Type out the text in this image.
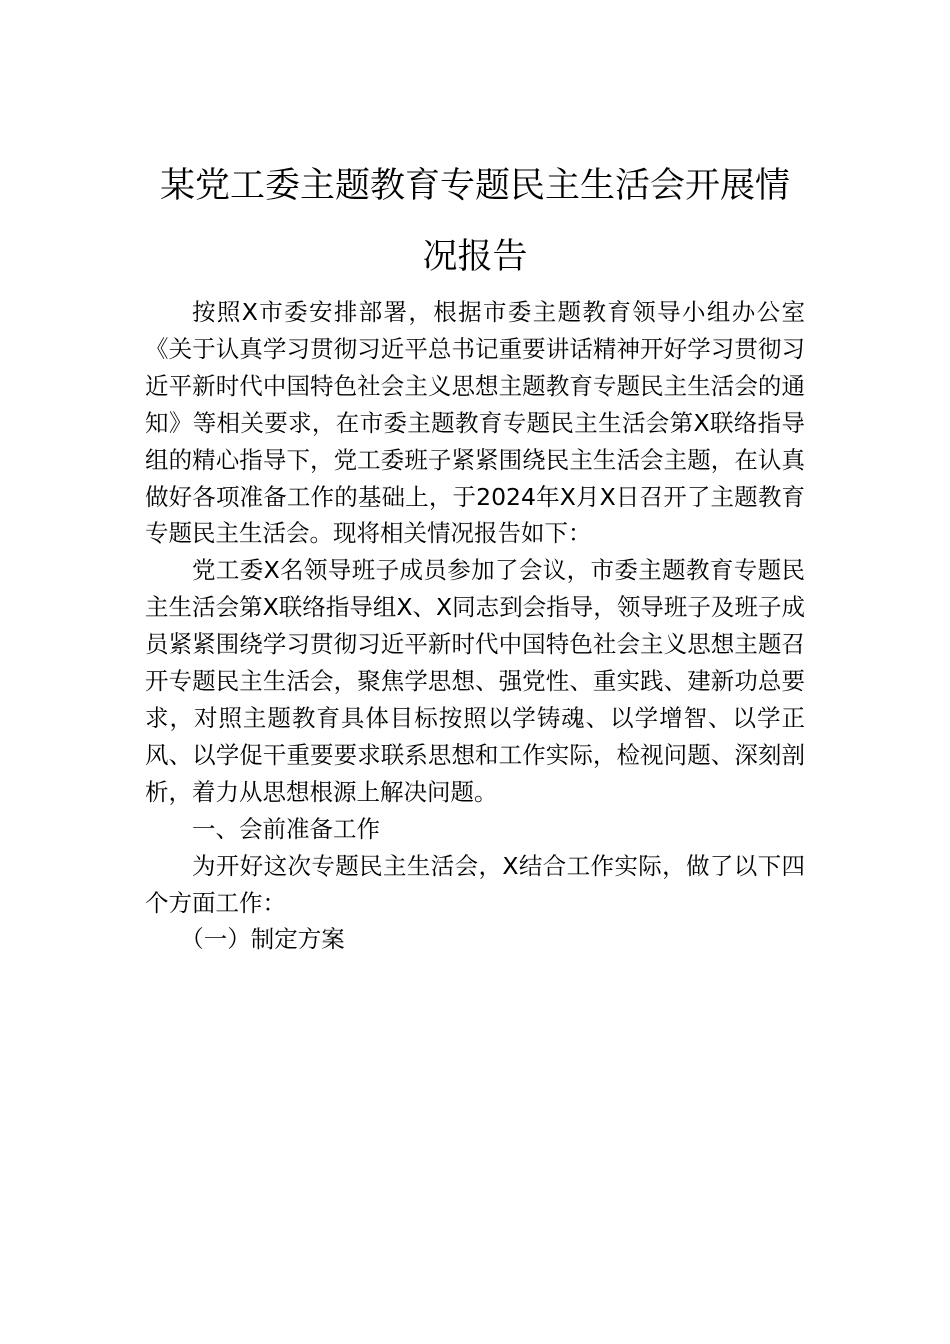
某党工委主题教育专题民主生活会开展情
况报告

按照X市委安排部署，根据市委主题教育领导小组办公室《关于认真学习贯彻习近平总书记重要讲话精神开好学习贯彻习近平新时代中国特色社会主义思想主题教育专题民主生活会的通知》等相关要求，在市委主题教育专题民主生活会第X联络指导组的精心指导下，党工委班子紧紧围绕民主生活会主题，在认真做好各项准备工作的基础上，于2024年X月X日召开了主题教育专题民主生活会。现将相关情况报告如下：

党工委X名领导班子成员参加了会议，市委主题教育专题民主生活会第X联络指导组X、X同志到会指导，领导班子及班子成员紧紧围绕学习贯彻习近平新时代中国特色社会主义思想主题召开专题民主生活会，聚焦学思想、强党性、重实践、建新功总要求，对照主题教育具体目标按照以学铸魂、以学增智、以学正风、以学促干重要要求联系思想和工作实际，检视问题、深刻剖析，着力从思想根源上解决问题。

一、会前准备工作

为开好这次专题民主生活会，X结合工作实际，做了以下四个方面工作：

（一）制定方案
